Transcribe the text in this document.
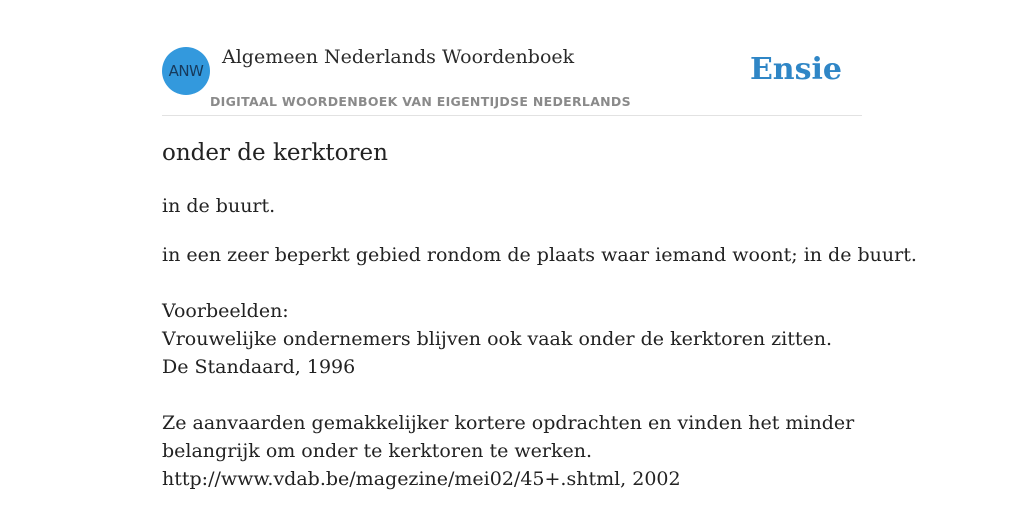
ANW
Algemeen Nederlands Woordenboek
DIGITAAL WOORDENBOEK VAN EIGENTIJDSE NEDERLANDS
Ensie
onder de kerktoren

in de buurt.

in een zeer beperkt gebied rondom de plaats waar iemand woont; in de buurt.
Voorbeelden:
Vrouwelijke ondernemers blijven ook vaak onder de kerktoren zitten.
De Standaard, 1996
Ze aanvaarden gemakkelijker kortere opdrachten en vinden het minder
belangrijk om onder te kerktoren te werken.
http://www.vdab.be/magezine/mei02/45+.shtml, 2002
